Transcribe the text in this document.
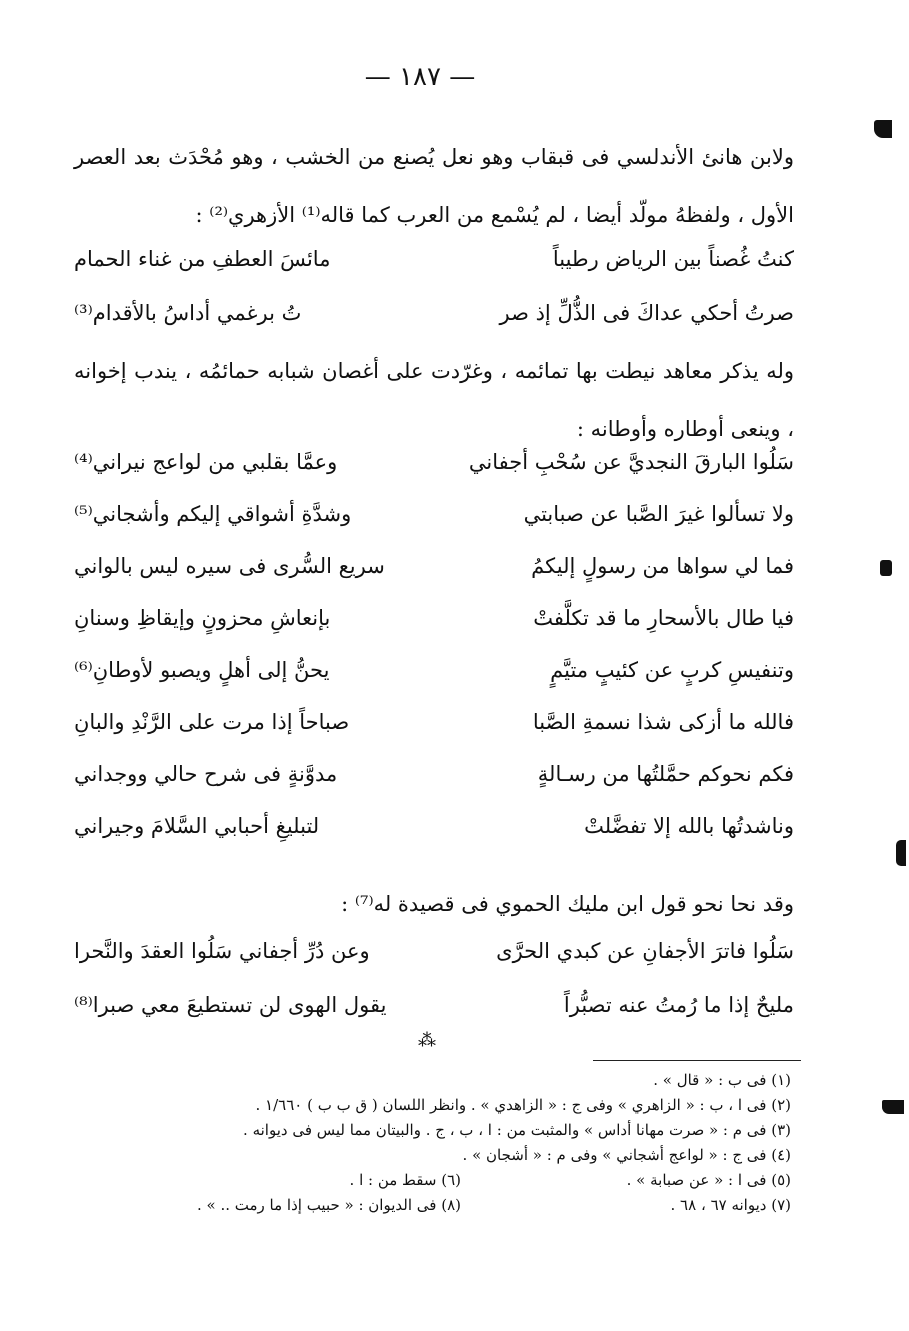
— ١٨٧ —
ولابن هانئ الأندلسي فى قبقاب وهو نعل يُصنع من الخشب ، وهو مُحْدَث بعد العصر الأول ، ولفظهُ مولّد أيضا ، لم يُسْمع من العرب كما قاله⁽¹⁾ الأزهري⁽²⁾ :
كنتُ غُصناً بين الرياض رطيباً
مائسَ العطفِ من غناء الحمام
صرتُ أحكي عداكَ فى الذُّلِّ إذ صر
تُ برغمي أداسُ بالأقدام⁽³⁾
وله يذكر معاهد نيطت بها تمائمه ، وغرّدت على أغصان شبابه حمائمُه ، يندب إخوانه ، وينعى أوطاره وأوطانه :
سَلُوا البارقَ النجديَّ عن سُحْبِ أجفاني
وعمَّا بقلبي من لواعج نيراني⁽⁴⁾
ولا تسألوا غيرَ الصَّبا عن صبابتي
وشدَّةِ أشواقي إليكم وأشجاني⁽⁵⁾
فما لي سواها من رسولٍ إليكمُ
سريع السُّرى فى سيره ليس بالواني
فيا طال بالأسحارِ ما قد تكلَّفتْ
بإنعاشِ محزونٍ وإيقاظِ وسنانِ
وتنفيسِ كربٍ عن كئيبٍ متيَّمٍ
يحنُّ إلى أهلٍ ويصبو لأوطانِ⁽⁶⁾
فالله ما أزكى شذا نسمةِ الصَّبا
صباحاً إذا مرت على الرَّنْدِ والبانِ
فكم نحوكم حمَّلتُها من رسـالةٍ
مدوَّنةٍ فى شرح حالي ووجداني
وناشدتُها بالله إلا تفضَّلتْ
لتبليغِ أحبابي السَّلامَ وجيراني
وقد نحا نحو قول ابن مليك الحموي فى قصيدة له⁽⁷⁾ :
سَلُوا فاترَ الأجفانِ عن كبدي الحرَّى
وعن دُرِّ أجفاني سَلُوا العقدَ والنَّحرا
مليحٌ إذا ما رُمتُ عنه تصبُّراً
يقول الهوى لن تستطيعَ معي صبرا⁽⁸⁾
⁂
(١) فى ب : « قال » .
(٢) فى ا ، ب : « الزاهري » وفى ج : « الزاهدي » . وانظر اللسان ( ق ب ب ) ١/٦٦٠ .
(٣) فى م : « صرت مهانا أداس » والمثبت من : ا ، ب ، ج . والبيتان مما ليس فى ديوانه .
(٤) فى ج : « لواعج أشجاني » وفى م : « أشجان » .
(٥) فى ا : « عن صبابة » .
(٦) سقط من : ا .
(٧) ديوانه ٦٧ ، ٦٨ .
(٨) فى الديوان : « حبيب إذا ما رمت .. » .
